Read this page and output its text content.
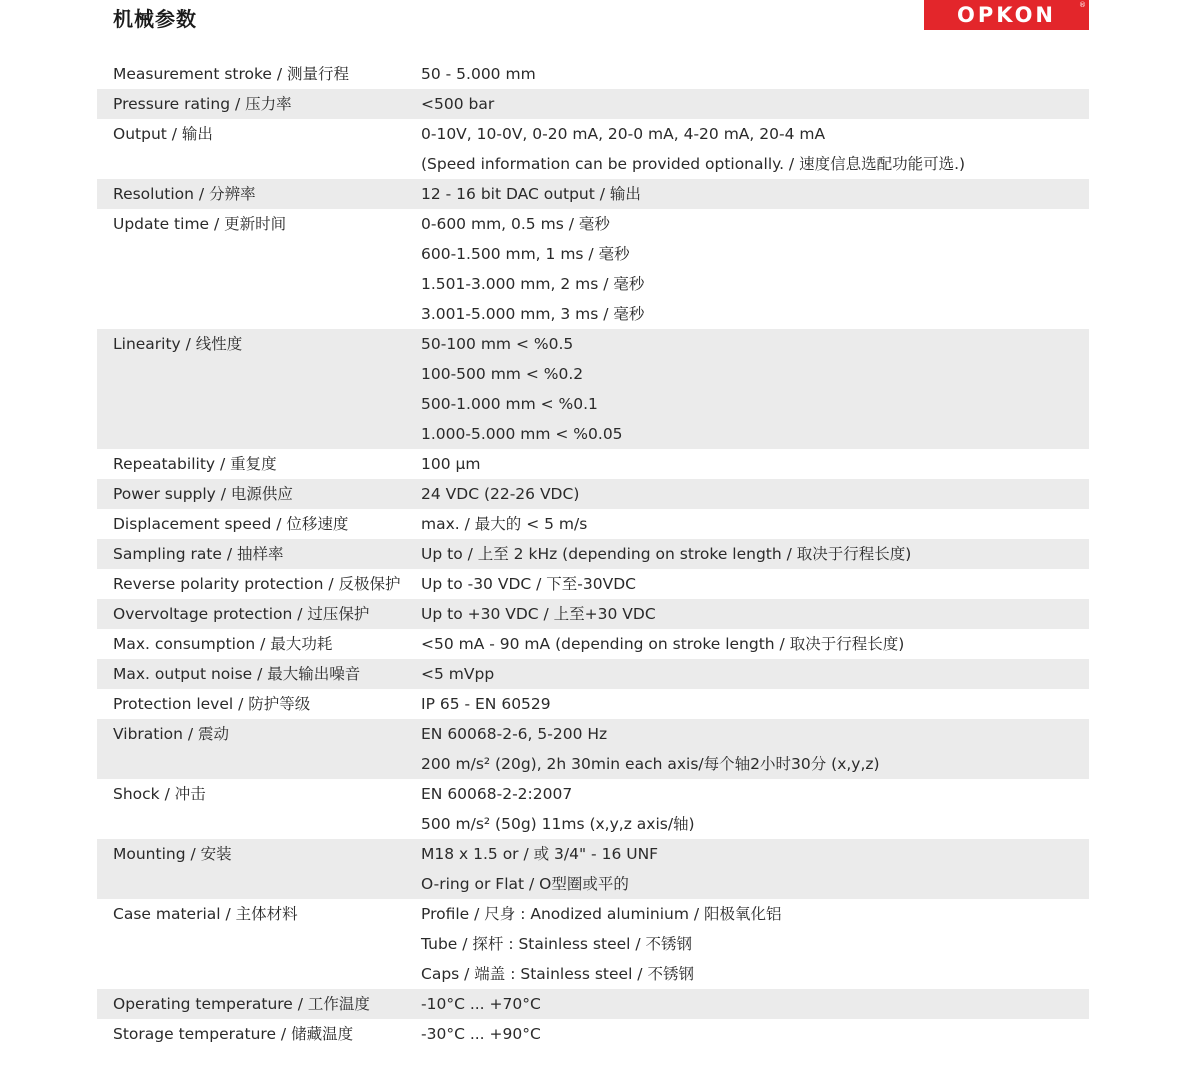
机械参数	OPKON	®
Measurement stroke / 测量行程	50 - 5.000 mm
Pressure rating / 压力率	<500 bar
Output / 输出	0-10V, 10-0V, 0-20 mA, 20-0 mA, 4-20 mA, 20-4 mA
(Speed information can be provided optionally. / 速度信息选配功能可选.)
Resolution / 分辨率	12 - 16 bit DAC output / 输出
Update time / 更新时间	0-600 mm, 0.5 ms / 毫秒
600-1.500 mm, 1 ms / 毫秒
1.501-3.000 mm, 2 ms / 毫秒
3.001-5.000 mm, 3 ms / 毫秒
Linearity / 线性度	50-100 mm < %0.5
100-500 mm < %0.2
500-1.000 mm < %0.1
1.000-5.000 mm < %0.05
Repeatability / 重复度	100 µm
Power supply / 电源供应	24 VDC (22-26 VDC)
Displacement speed / 位移速度	max. / 最大的 < 5 m/s
Sampling rate / 抽样率	Up to / 上至 2 kHz (depending on stroke length / 取决于行程长度)
Reverse polarity protection / 反极保护	Up to -30 VDC / 下至-30VDC
Overvoltage protection / 过压保护	Up to +30 VDC / 上至+30 VDC
Max. consumption / 最大功耗	<50 mA - 90 mA (depending on stroke length / 取决于行程长度)
Max. output noise / 最大输出噪音	<5 mVpp
Protection level / 防护等级	IP 65 - EN 60529
Vibration / 震动	EN 60068-2-6, 5-200 Hz
200 m/s² (20g), 2h 30min each axis/每个轴2小时30分 (x,y,z)
Shock / 冲击	EN 60068-2-2:2007
500 m/s² (50g) 11ms (x,y,z axis/轴)
Mounting / 安装	M18 x 1.5 or / 或 3/4" - 16 UNF
O-ring or Flat / O型圈或平的
Case material / 主体材料	Profile / 尺身 : Anodized aluminium / 阳极氧化铝
Tube / 探杆 : Stainless steel / 不锈钢
Caps / 端盖 : Stainless steel / 不锈钢
Operating temperature / 工作温度	-10°C ... +70°C
Storage temperature / 储藏温度	-30°C ... +90°C
